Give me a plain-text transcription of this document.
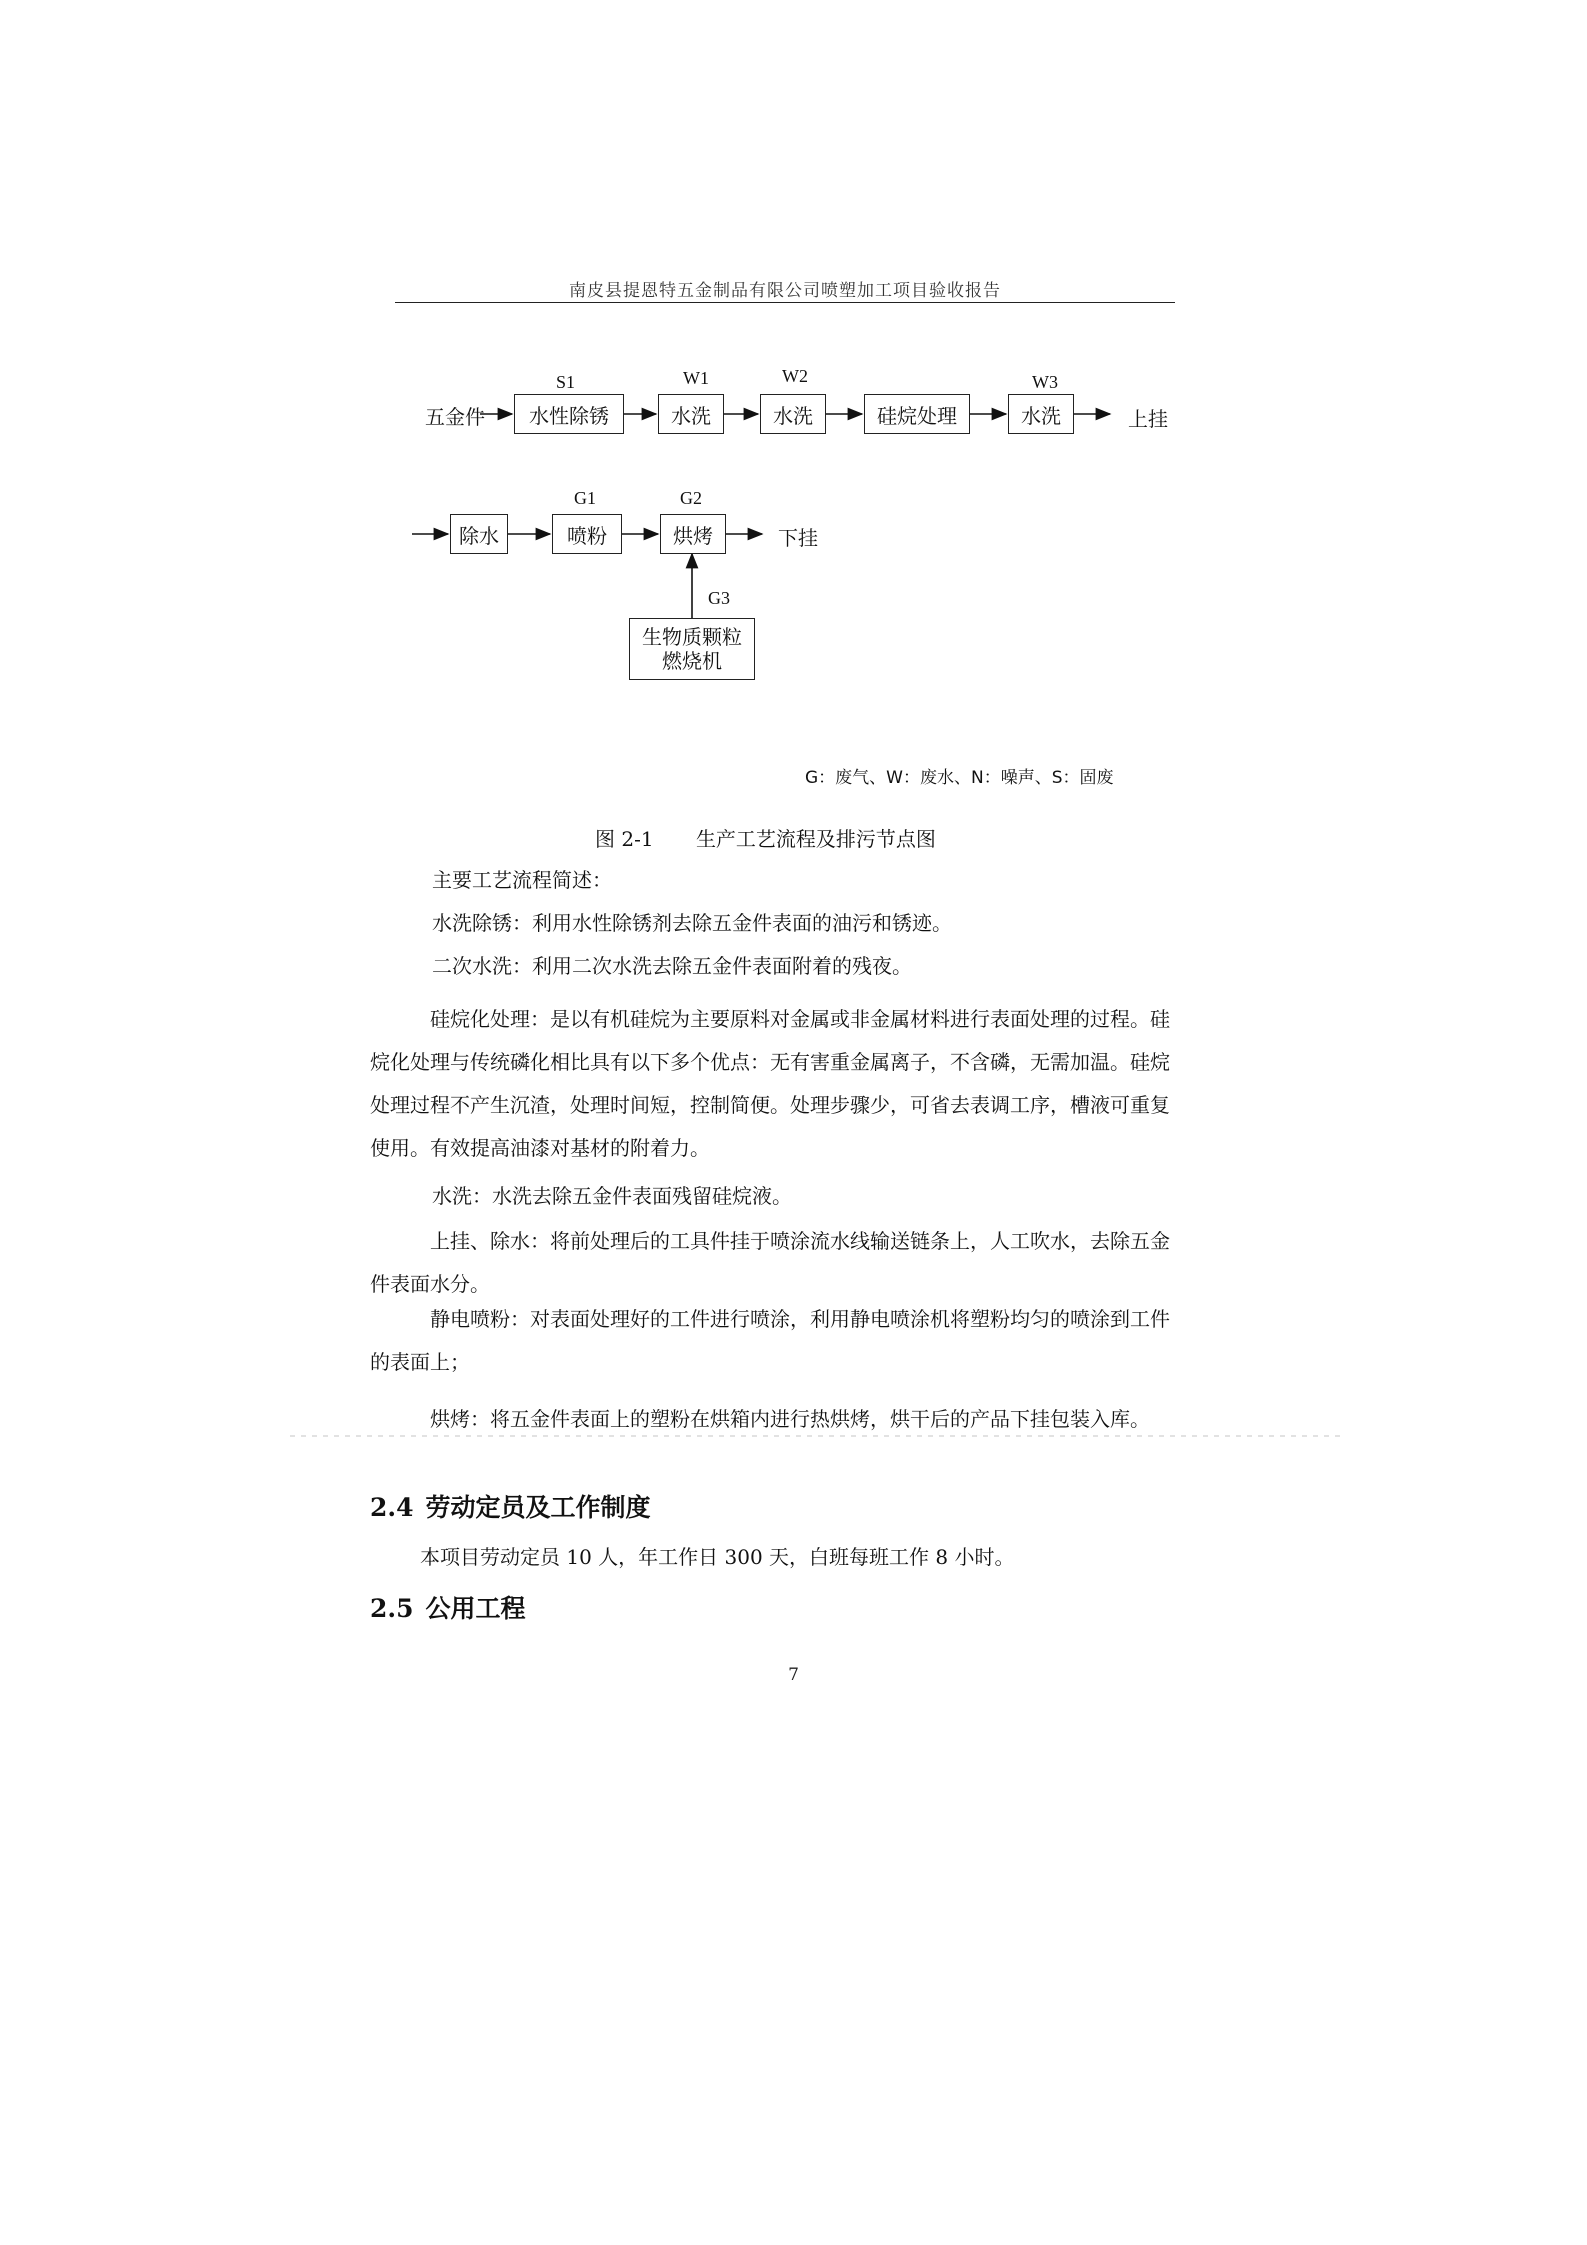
南皮县提恩特五金制品有限公司喷塑加工项目验收报告
五金件
S1
水性除锈
W1
水洗
W2
水洗	硅烷处理
W3
水洗	上挂
除水
G1
喷粉
G2
烘烤	下挂
G3
生物质颗粒
燃烧机
G：废气、W：废水、N：噪声、S：固废
图 2-1 生产工艺流程及排污节点图
主要工艺流程简述：
水洗除锈：利用水性除锈剂去除五金件表面的油污和锈迹。
二次水洗：利用二次水洗去除五金件表面附着的残夜。
硅烷化处理：是以有机硅烷为主要原料对金属或非金属材料进行表面处理的过程。硅烷化处理与传统磷化相比具有以下多个优点：无有害重金属离子，不含磷，无需加温。硅烷处理过程不产生沉渣，处理时间短，控制简便。处理步骤少，可省去表调工序，槽液可重复使用。有效提高油漆对基材的附着力。
水洗：水洗去除五金件表面残留硅烷液。
上挂、除水：将前处理后的工具件挂于喷涂流水线输送链条上，人工吹水，去除五金件表面水分。
静电喷粉：对表面处理好的工件进行喷涂，利用静电喷涂机将塑粉均匀的喷涂到工件的表面上；
烘烤：将五金件表面上的塑粉在烘箱内进行热烘烤，烘干后的产品下挂包装入库。
2.4 劳动定员及工作制度
本项目劳动定员 10 人，年工作日 300 天，白班每班工作 8 小时。
2.5 公用工程
7
